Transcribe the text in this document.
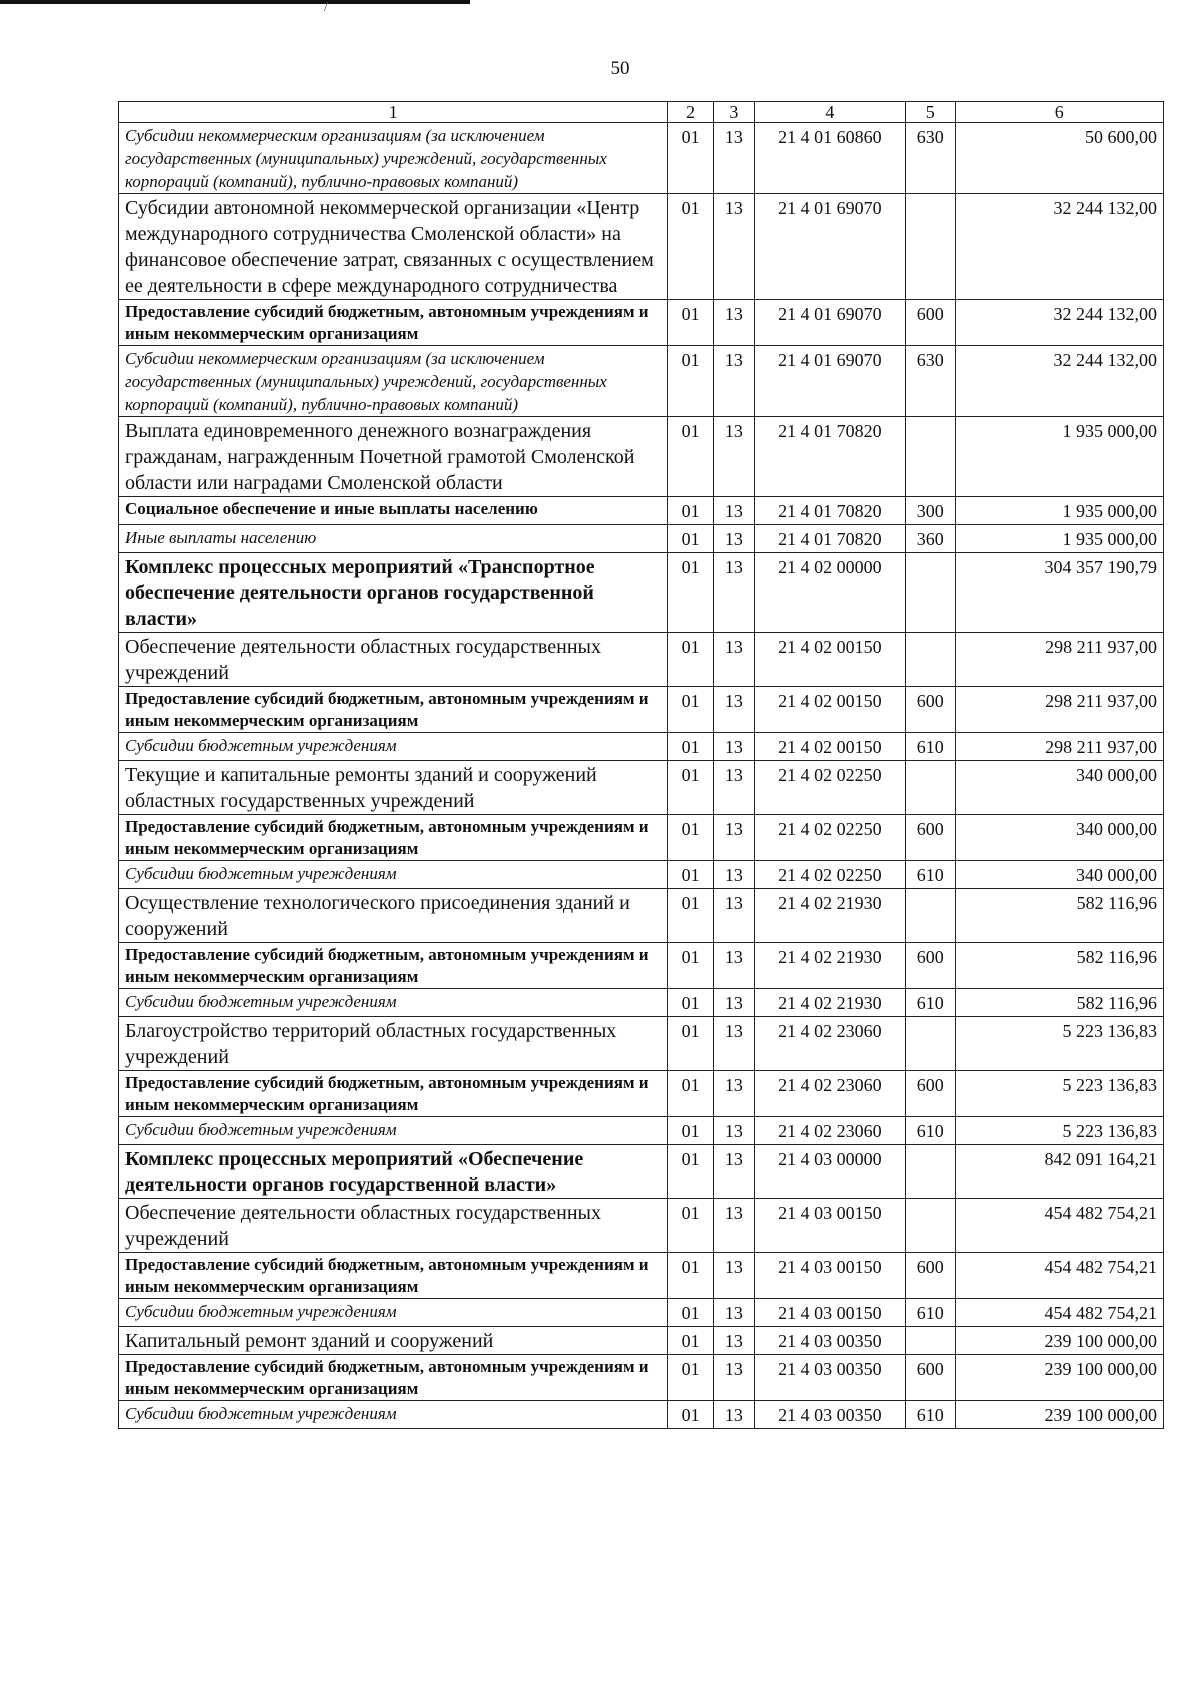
/
50
1	2	3	4	5	6
Субсидии некоммерческим организациям (за исключением государственных (муниципальных) учреждений, государственных корпораций (компаний), публично-правовых компаний)	01	13	21 4 01 60860	630	50 600,00
Субсидии автономной некоммерческой организации «Центр международного сотрудничества Смоленской области» на финансовое обеспечение затрат, связанных с осуществлением ее деятельности в сфере международного сотрудничества	01	13	21 4 01 69070		32 244 132,00
Предоставление субсидий бюджетным, автономным учреждениям и иным некоммерческим организациям	01	13	21 4 01 69070	600	32 244 132,00
Субсидии некоммерческим организациям (за исключением государственных (муниципальных) учреждений, государственных корпораций (компаний), публично-правовых компаний)	01	13	21 4 01 69070	630	32 244 132,00
Выплата единовременного денежного вознаграждения гражданам, награжденным Почетной грамотой Смоленской области или наградами Смоленской области	01	13	21 4 01 70820		1 935 000,00
Социальное обеспечение и иные выплаты населению	01	13	21 4 01 70820	300	1 935 000,00
Иные выплаты населению	01	13	21 4 01 70820	360	1 935 000,00
Комплекс процессных мероприятий «Транспортное обеспечение деятельности органов государственной власти»	01	13	21 4 02 00000		304 357 190,79
Обеспечение деятельности областных государственных учреждений	01	13	21 4 02 00150		298 211 937,00
Предоставление субсидий бюджетным, автономным учреждениям и иным некоммерческим организациям	01	13	21 4 02 00150	600	298 211 937,00
Субсидии бюджетным учреждениям	01	13	21 4 02 00150	610	298 211 937,00
Текущие и капитальные ремонты зданий и сооружений областных государственных учреждений	01	13	21 4 02 02250		340 000,00
Предоставление субсидий бюджетным, автономным учреждениям и иным некоммерческим организациям	01	13	21 4 02 02250	600	340 000,00
Субсидии бюджетным учреждениям	01	13	21 4 02 02250	610	340 000,00
Осуществление технологического присоединения зданий и сооружений	01	13	21 4 02 21930		582 116,96
Предоставление субсидий бюджетным, автономным учреждениям и иным некоммерческим организациям	01	13	21 4 02 21930	600	582 116,96
Субсидии бюджетным учреждениям	01	13	21 4 02 21930	610	582 116,96
Благоустройство территорий областных государственных учреждений	01	13	21 4 02 23060		5 223 136,83
Предоставление субсидий бюджетным, автономным учреждениям и иным некоммерческим организациям	01	13	21 4 02 23060	600	5 223 136,83
Субсидии бюджетным учреждениям	01	13	21 4 02 23060	610	5 223 136,83
Комплекс процессных мероприятий «Обеспечение деятельности органов государственной власти»	01	13	21 4 03 00000		842 091 164,21
Обеспечение деятельности областных государственных учреждений	01	13	21 4 03 00150		454 482 754,21
Предоставление субсидий бюджетным, автономным учреждениям и иным некоммерческим организациям	01	13	21 4 03 00150	600	454 482 754,21
Субсидии бюджетным учреждениям	01	13	21 4 03 00150	610	454 482 754,21
Капитальный ремонт зданий и сооружений	01	13	21 4 03 00350		239 100 000,00
Предоставление субсидий бюджетным, автономным учреждениям и иным некоммерческим организациям	01	13	21 4 03 00350	600	239 100 000,00
Субсидии бюджетным учреждениям	01	13	21 4 03 00350	610	239 100 000,00
